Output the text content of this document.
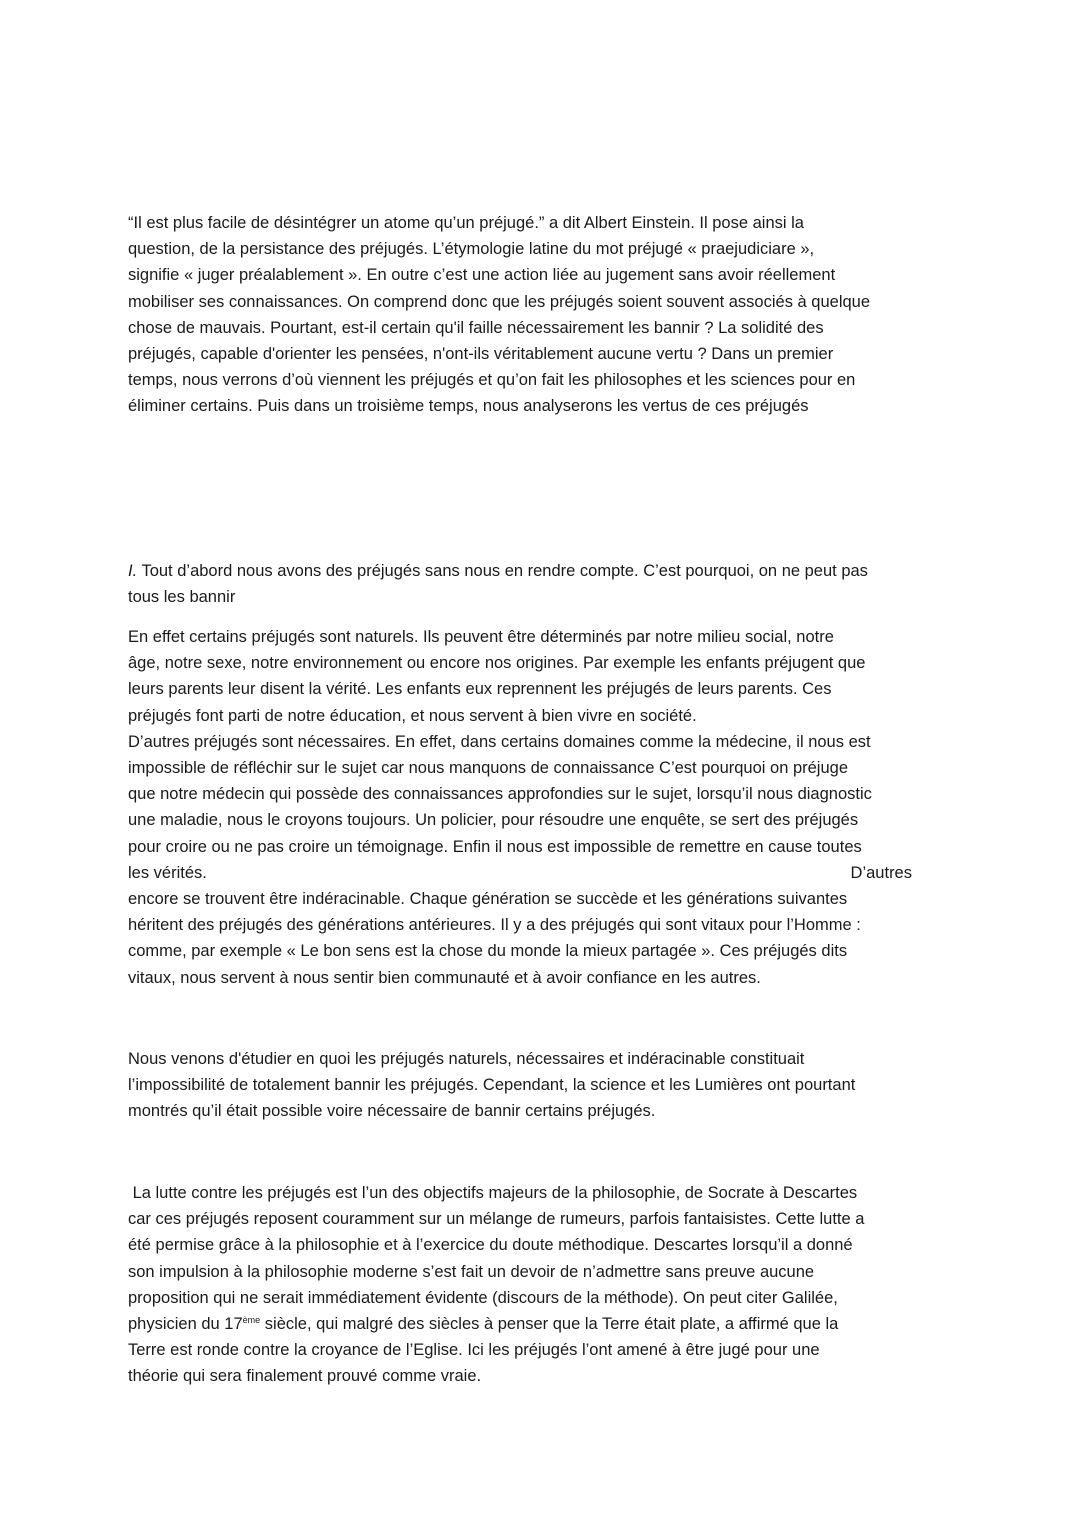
“Il est plus facile de désintégrer un atome qu’un préjugé.” a dit Albert Einstein. Il pose ainsi la
question, de la persistance des préjugés. L’étymologie latine du mot préjugé « praejudiciare »,
signifie « juger préalablement ». En outre c’est une action liée au jugement sans avoir réellement
mobiliser ses connaissances. On comprend donc que les préjugés soient souvent associés à quelque
chose de mauvais. Pourtant, est-il certain qu'il faille nécessairement les bannir ? La solidité des
préjugés, capable d'orienter les pensées, n'ont-ils véritablement aucune vertu ? Dans un premier
temps, nous verrons d’où viennent les préjugés et qu’on fait les philosophes et les sciences pour en
éliminer certains. Puis dans un troisième temps, nous analyserons les vertus de ces préjugés

I. Tout d’abord nous avons des préjugés sans nous en rendre compte. C’est pourquoi, on ne peut pas
tous les bannir

En effet certains préjugés sont naturels. Ils peuvent être déterminés par notre milieu social, notre
âge, notre sexe, notre environnement ou encore nos origines. Par exemple les enfants préjugent que
leurs parents leur disent la vérité. Les enfants eux reprennent les préjugés de leurs parents. Ces
préjugés font parti de notre éducation, et nous servent à bien vivre en société.
D’autres préjugés sont nécessaires. En effet, dans certains domaines comme la médecine, il nous est
impossible de réfléchir sur le sujet car nous manquons de connaissance C’est pourquoi on préjuge
que notre médecin qui possède des connaissances approfondies sur le sujet, lorsqu’il nous diagnostic
une maladie, nous le croyons toujours. Un policier, pour résoudre une enquête, se sert des préjugés
pour croire ou ne pas croire un témoignage. Enfin il nous est impossible de remettre en cause toutes
les vérités.	D’autres
encore se trouvent être indéracinable. Chaque génération se succède et les générations suivantes
héritent des préjugés des générations antérieures. Il y a des préjugés qui sont vitaux pour l’Homme :
comme, par exemple « Le bon sens est la chose du monde la mieux partagée ». Ces préjugés dits
vitaux, nous servent à nous sentir bien communauté et à avoir confiance en les autres.

Nous venons d'étudier en quoi les préjugés naturels, nécessaires et indéracinable constituait
l’impossibilité de totalement bannir les préjugés. Cependant, la science et les Lumières ont pourtant
montrés qu’il était possible voire nécessaire de bannir certains préjugés.

La lutte contre les préjugés est l’un des objectifs majeurs de la philosophie, de Socrate à Descartes
car ces préjugés reposent couramment sur un mélange de rumeurs, parfois fantaisistes. Cette lutte a
été permise grâce à la philosophie et à l’exercice du doute méthodique. Descartes lorsqu’il a donné
son impulsion à la philosophie moderne s’est fait un devoir de n’admettre sans preuve aucune
proposition qui ne serait immédiatement évidente (discours de la méthode). On peut citer Galilée,
physicien du 17ème siècle, qui malgré des siècles à penser que la Terre était plate, a affirmé que la
Terre est ronde contre la croyance de l’Eglise. Ici les préjugés l’ont amené à être jugé pour une
théorie qui sera finalement prouvé comme vraie.
